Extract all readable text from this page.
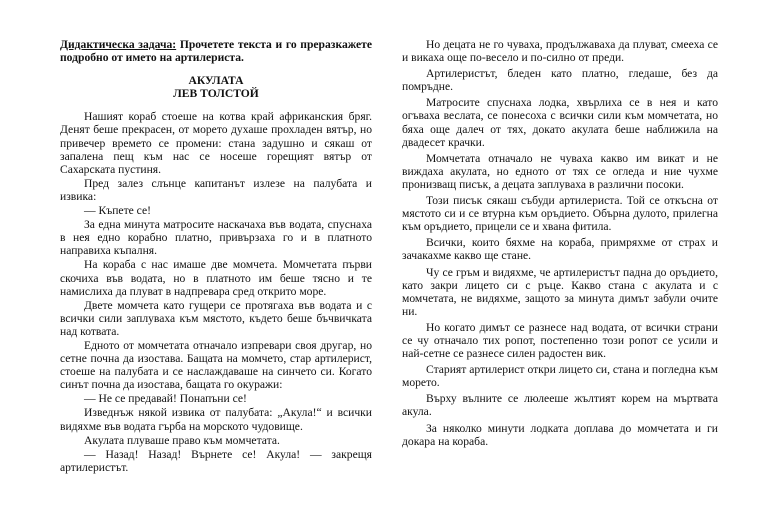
Дидактическа задача: Прочетете текста и го преразкажете подробно от името на артилериста.

АКУЛАТА

ЛЕВ ТОЛСТОЙ

Нашият кораб стоеше на котва край африканския бряг. Денят беше прекрасен, от морето духаше прохладен вятър, но привечер времето се промени: стана задушно и сякаш от запалена пещ към нас се носеше горещият вятър от Сахарската пустиня.

Пред залез слънце капитанът излезе на палубата и извика:

— Къпете се!

За една минута матросите наскачаха във водата, спуснаха в нея едно корабно платно, привързаха го и в платното направиха къпалня.

На кораба с нас имаше две момчета. Момчетата първи скочиха във водата, но в платното им беше тясно и те намислиха да плуват в надпревара сред открито море.

Двете момчета като гущери се протягаха във водата и с всички сили заплуваха към мястото, където беше бъчвичката над котвата.

Едното от момчетата отначало изпревари своя другар, но сетне почна да изостава. Бащата на момчето, стар артилерист, стоеше на палубата и се наслаждаваше на синчето си. Когато синът почна да изостава, бащата го окуражи:

— Не се предавай! Понапъни се!

Изведнъж някой извика от палубата: „Акула!“ и всички видяхме във водата гърба на морското чудовище.

Акулата плуваше право към момчетата.

— Назад! Назад! Върнете се! Акула! — закрещя артилеристът.

Но децата не го чуваха, продължаваха да плуват, смееха се и викаха още по-весело и по-силно от преди.

Артилеристът, бледен като платно, гледаше, без да помръдне.

Матросите спуснаха лодка, хвърлиха се в нея и като огъваха веслата, се понесоха с всички сили към момчетата, но бяха още далеч от тях, докато акулата беше наближила на двадесет крачки.

Момчетата отначало не чуваха какво им викат и не виждаха акулата, но едното от тях се огледа и ние чухме пронизващ писък, а децата заплуваха в различни посоки.

Този писък сякаш събуди артилериста. Той се откъсна от мястото си и се втурна към оръдието. Обърна дулото, прилегна към оръдието, прицели се и хвана фитила.

Всички, които бяхме на кораба, примряхме от страх и зачакахме какво ще стане.

Чу се гръм и видяхме, че артилеристът падна до оръдието, като закри лицето си с ръце. Какво стана с акулата и с момчетата, не видяхме, защото за минута димът забули очите ни.

Но когато димът се разнесе над водата, от всички страни се чу отначало тих ропот, постепенно този ропот се усили и най-сетне се разнесе силен радостен вик.

Старият артилерист откри лицето си, стана и погледна към морето.

Върху вълните се люлееше жълтият корем на мъртвата акула.

За няколко минути лодката доплава до момчетата и ги докара на кораба.
